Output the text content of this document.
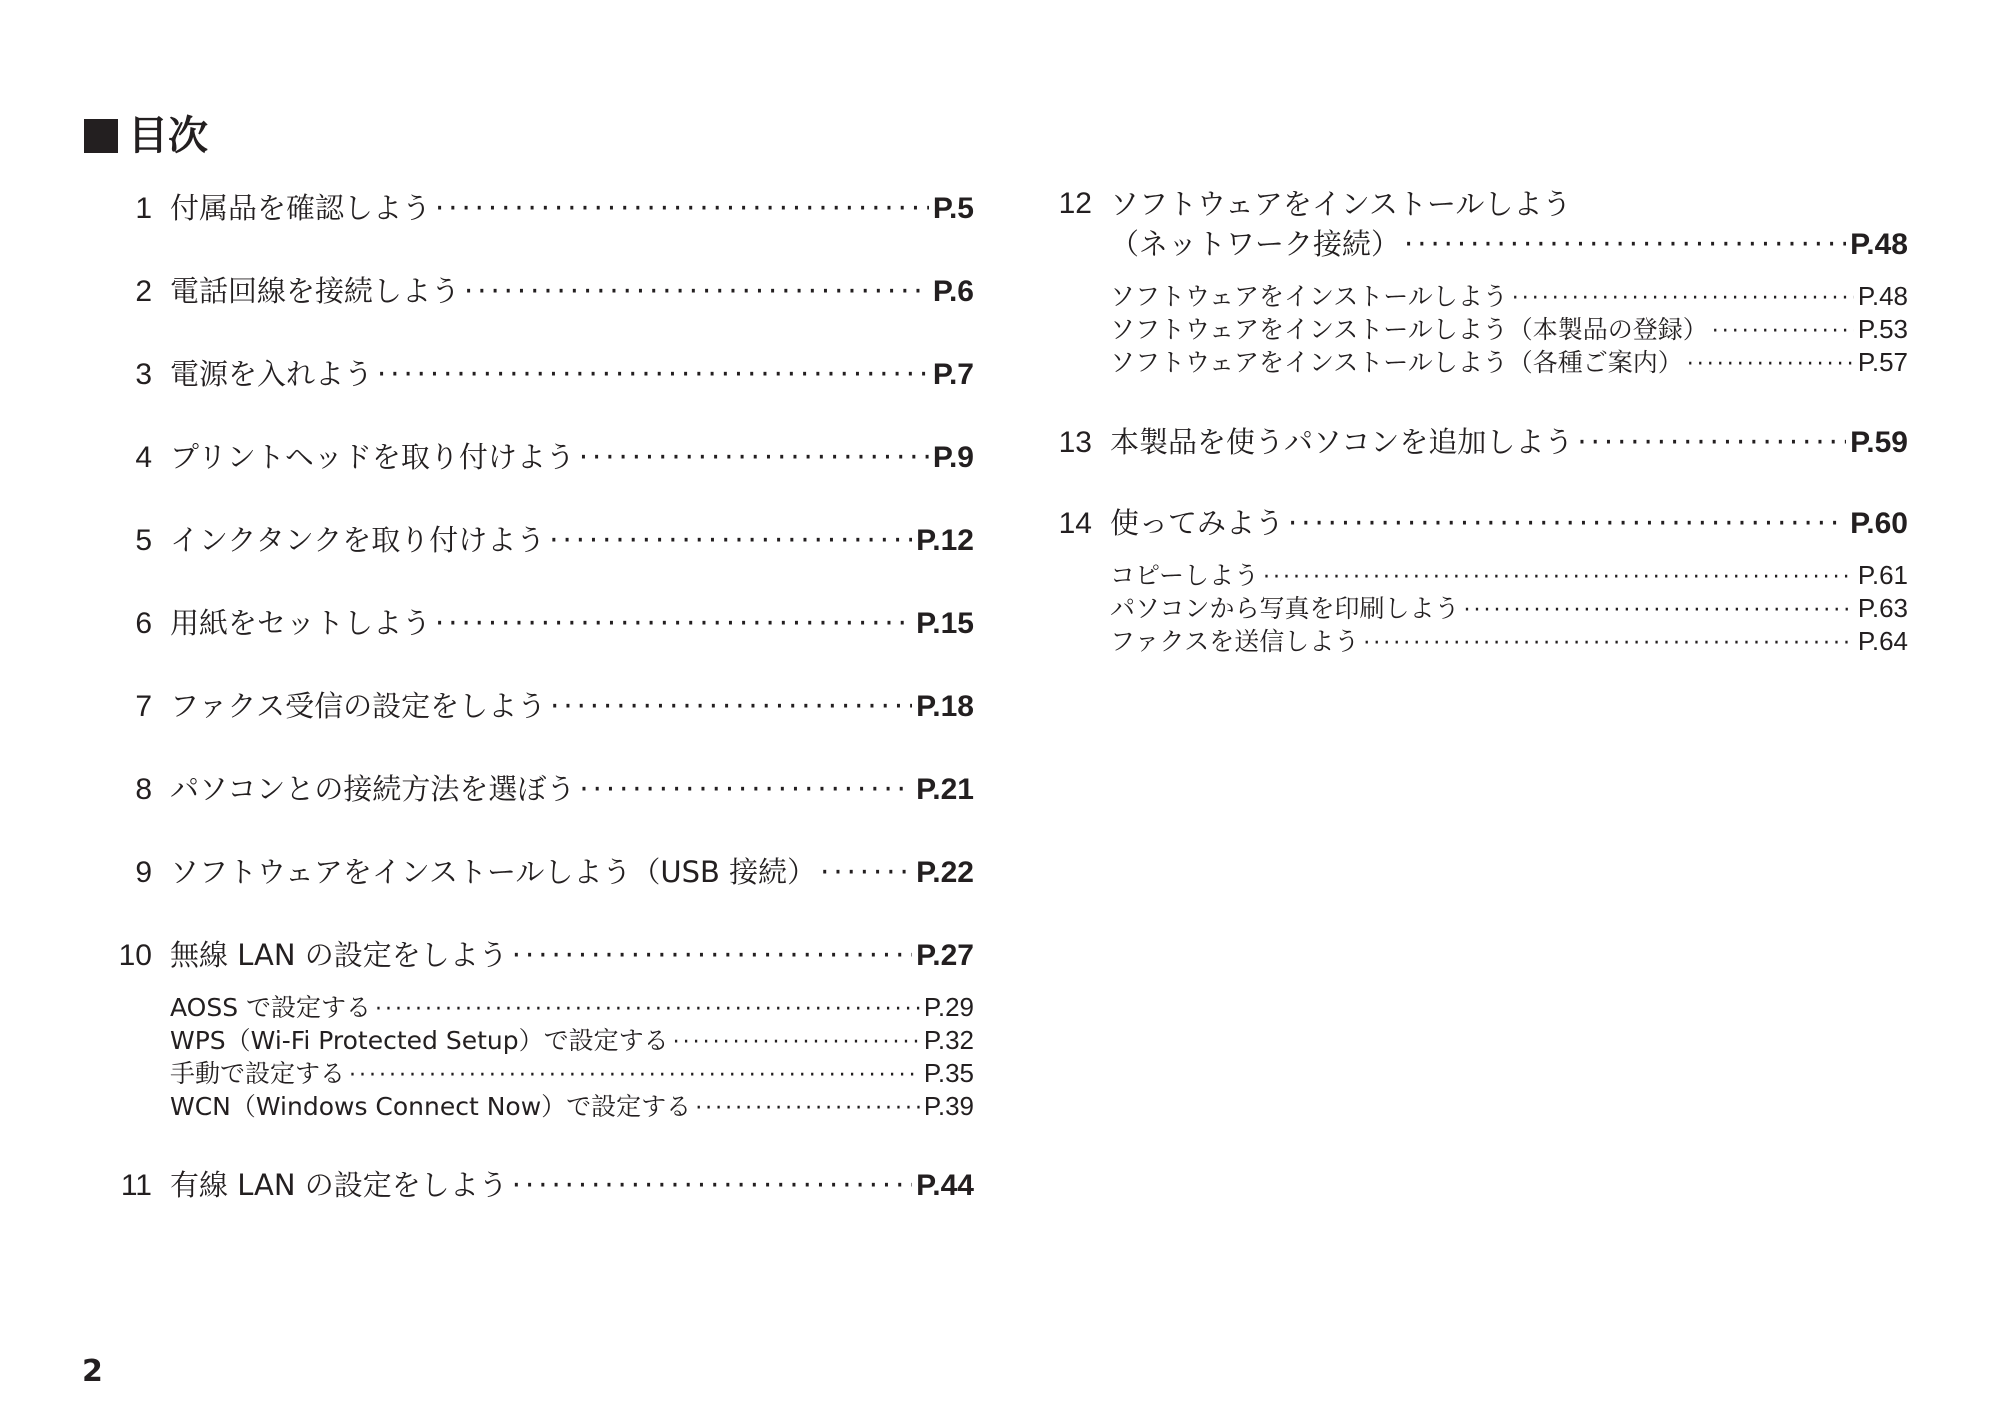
目次
1 付属品を確認しよう ·····	P.5
2 電話回線を接続しよう ·····	P.6
3 電源を入れよう ·····	P.7
4 プリントヘッドを取り付けよう ·····	P.9
5 インクタンクを取り付けよう ·····	P.12
6 用紙をセットしよう ·····	P.15
7 ファクス受信の設定をしよう ·····	P.18
8 パソコンとの接続方法を選ぼう ·····	P.21
9 ソフトウェアをインストールしよう（USB 接続） ·····	P.22
10 無線 LAN の設定をしよう ·····	P.27
AOSS で設定する ·····	P.29
WPS（Wi-Fi Protected Setup）で設定する ·····	P.32
手動で設定する ·····	P.35
WCN（Windows Connect Now）で設定する ·····	P.39
11 有線 LAN の設定をしよう ·····	P.44
12 ソフトウェアをインストールしよう
（ネットワーク接続） ·····	P.48
ソフトウェアをインストールしよう ·····	P.48
ソフトウェアをインストールしよう（本製品の登録） ·····	P.53
ソフトウェアをインストールしよう（各種ご案内） ·····	P.57
13 本製品を使うパソコンを追加しよう ·····	P.59
14 使ってみよう ·····	P.60
コピーしよう ·····	P.61
パソコンから写真を印刷しよう ·····	P.63
ファクスを送信しよう ·····	P.64
2
